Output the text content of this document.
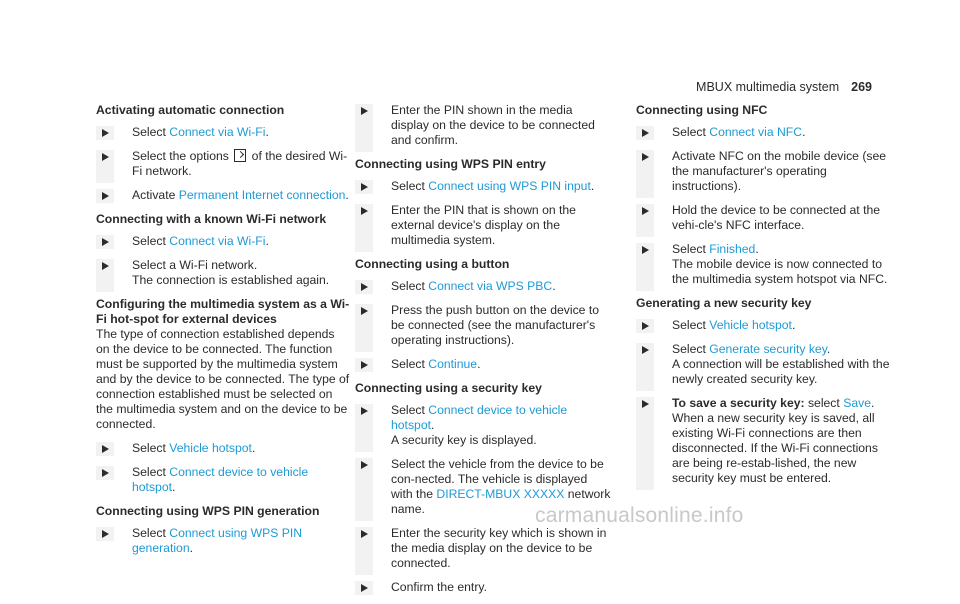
MBUX multimedia system 269
Activating automatic connection
Select Connect via Wi-Fi.
Select the options  of the desired Wi-Fi network.
Activate Permanent Internet connection.
Connecting with a known Wi-Fi network
Select Connect via Wi-Fi.
Select a Wi-Fi network.
The connection is established again.
Configuring the multimedia system as a Wi-Fi hot-spot for external devices
The type of connection established depends on the device to be connected. The function must be supported by the multimedia system and by the device to be connected. The type of connection established must be selected on the multimedia system and on the device to be connected.
Select Vehicle hotspot.
Select Connect device to vehicle hotspot.
Connecting using WPS PIN generation
Select Connect using WPS PIN generation.
Enter the PIN shown in the media display on the device to be connected and confirm.
Connecting using WPS PIN entry
Select Connect using WPS PIN input.
Enter the PIN that is shown on the external device's display on the multimedia system.
Connecting using a button
Select Connect via WPS PBC.
Press the push button on the device to be connected (see the manufacturer's operating instructions).
Select Continue.
Connecting using a security key
Select Connect device to vehicle hotspot.
A security key is displayed.
Select the vehicle from the device to be con-nected. The vehicle is displayed with the DIRECT-MBUX XXXXX network name.
Enter the security key which is shown in the media display on the device to be connected.
Confirm the entry.
Connecting using NFC
Select Connect via NFC.
Activate NFC on the mobile device (see the manufacturer's operating instructions).
Hold the device to be connected at the vehi-cle's NFC interface.
Select Finished.
The mobile device is now connected to the multimedia system hotspot via NFC.
Generating a new security key
Select Vehicle hotspot.
Select Generate security key.
A connection will be established with the newly created security key.
To save a security key: select Save.
When a new security key is saved, all existing Wi-Fi connections are then disconnected. If the Wi-Fi connections are being re-estab-lished, the new security key must be entered.
carmanualsonline.info
